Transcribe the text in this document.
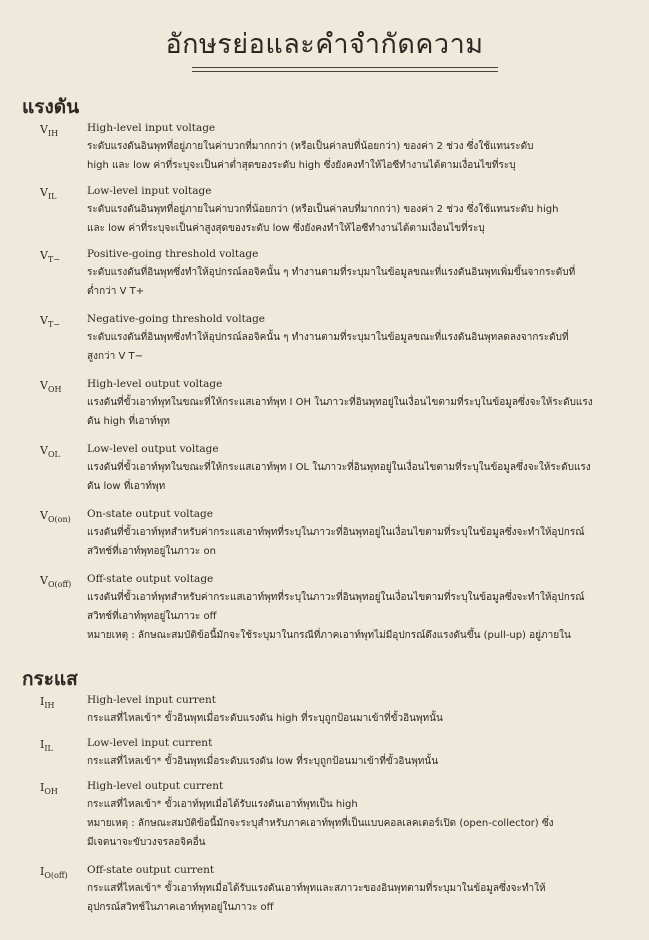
อักษรย่อและคำจำกัดความ
แรงดัน
$V_{IH}$	High-level input voltage
ระดับแรงดันอินพุทที่อยู่ภายในค่าบวกที่มากกว่า (หรือเป็นค่าลบที่น้อยกว่า) ของค่า 2 ช่วง ซึ่งใช้แทนระดับ
high และ low ค่าที่ระบุจะเป็นค่าต่ำสุดของระดับ high ซึ่งยังคงทำให้ไอซีทำงานได้ตามเงื่อนไขที่ระบุ
$V_{IL}$	Low-level input voltage
ระดับแรงดันอินพุทที่อยู่ภายในค่าบวกที่น้อยกว่า (หรือเป็นค่าลบที่มากกว่า) ของค่า 2 ช่วง ซึ่งใช้แทนระดับ high
และ low ค่าที่ระบุจะเป็นค่าสูงสุดของระดับ low ซึ่งยังคงทำให้ไอซีทำงานได้ตามเงื่อนไขที่ระบุ
$V_{T-}$	Positive-going threshold voltage
ระดับแรงดันที่อินพุทซึ่งทำให้อุปกรณ์ลอจิคนั้น ๆ ทำงานตามที่ระบุมาในข้อมูลขณะที่แรงดันอินพุทเพิ่มขึ้นจากระดับที่
ต่ำกว่า V T+
$V_{T-}$	Negative-going threshold voltage
ระดับแรงดันที่อินพุทซึ่งทำให้อุปกรณ์ลอจิคนั้น ๆ ทำงานตามที่ระบุมาในข้อมูลขณะที่แรงดันอินพุทลดลงจากระดับที่
สูงกว่า V T−
$V_{OH}$ High-level output voltage
แรงดันที่ขั้วเอาท์พุทในขณะที่ให้กระแสเอาท์พุท I OH ในภาวะที่อินพุทอยู่ในเงื่อนไขตามที่ระบุในข้อมูลซึ่งจะให้ระดับแรง
ดัน high ที่เอาท์พุท
$V_{OL}$	Low-level output voltage
แรงดันที่ขั้วเอาท์พุทในขณะที่ให้กระแสเอาท์พุท I OL ในภาวะที่อินพุทอยู่ในเงื่อนไขตามที่ระบุในข้อมูลซึ่งจะให้ระดับแรง
ดัน low ที่เอาท์พุท
$V_{O(on)}$ On-state output voltage
แรงดันที่ขั้วเอาท์พุทสำหรับค่ากระแสเอาท์พุทที่ระบุในภาวะที่อินพุทอยู่ในเงื่อนไขตามที่ระบุในข้อมูลซึ่งจะทำให้อุปกรณ์
สวิทช์ที่เอาท์พุทอยู่ในภาวะ on
$V_{O(off)}$ Off-state output voltage
แรงดันที่ขั้วเอาท์พุทสำหรับค่ากระแสเอาท์พุทที่ระบุในภาวะที่อินพุทอยู่ในเงื่อนไขตามที่ระบุในข้อมูลซึ่งจะทำให้อุปกรณ์
สวิทช์ที่เอาท์พุทอยู่ในภาวะ off
หมายเหตุ : ลักษณะสมบัติข้อนี้มักจะใช้ระบุมาในกรณีที่ภาคเอาท์พุทไม่มีอุปกรณ์ดึงแรงดันขึ้น (pull-up) อยู่ภายใน
กระแส
$I_{IH}$	High-level input current
กระแสที่ไหลเข้า* ขั้วอินพุทเมื่อระดับแรงดัน high ที่ระบุถูกป้อนมาเข้าที่ขั้วอินพุทนั้น
$I_{IL}$	Low-level input current
กระแสที่ไหลเข้า* ขั้วอินพุทเมื่อระดับแรงดัน low ที่ระบุถูกป้อนมาเข้าที่ขั้วอินพุทนั้น
$I_{OH}$	High-level output current
กระแสที่ไหลเข้า* ขั้วเอาท์พุทเมื่อได้รับแรงดันเอาท์พุทเป็น high
หมายเหตุ : ลักษณะสมบัติข้อนี้มักจะระบุสำหรับภาคเอาท์พุทที่เป็นแบบคอลเลคเตอร์เปิด (open-collector) ซึ่ง
มีเจตนาจะขับวงจรลอจิคอื่น
$I_{O(off)}$ Off-state output current
กระแสที่ไหลเข้า* ขั้วเอาท์พุทเมื่อได้รับแรงดันเอาท์พุทและสภาวะของอินพุทตามที่ระบุมาในข้อมูลซึ่งจะทำให้
อุปกรณ์สวิทช์ในภาคเอาท์พุทอยู่ในภาวะ off
